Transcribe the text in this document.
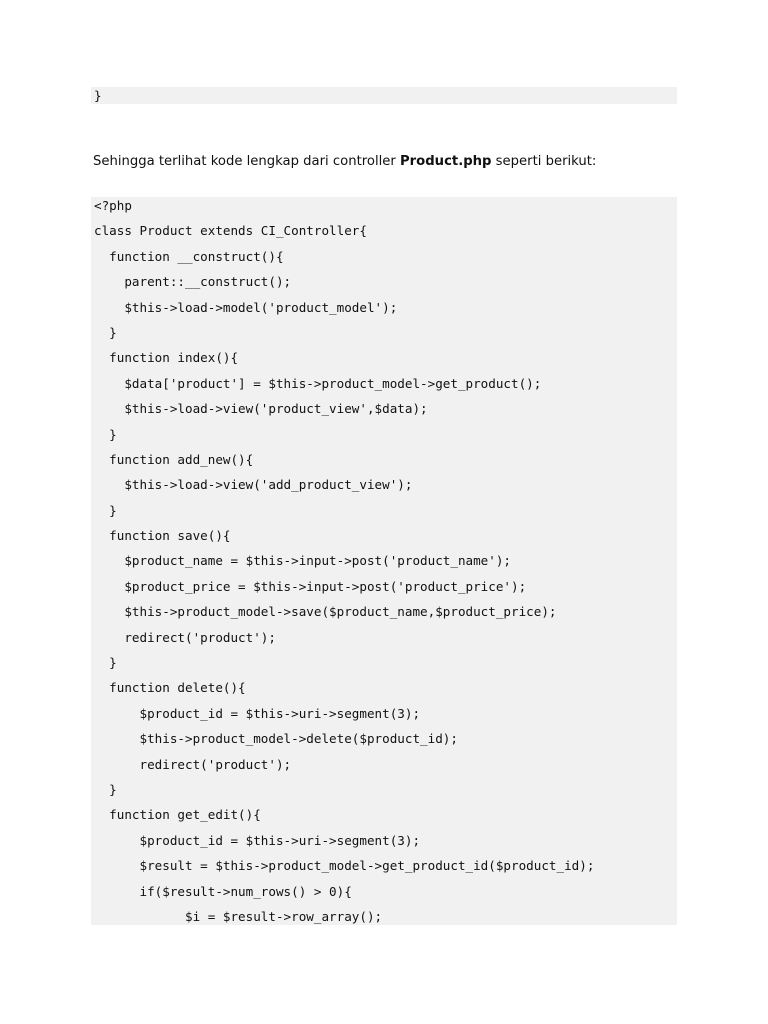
}

Sehingga terlihat kode lengkap dari controller Product.php seperti berikut:

<?php
class Product extends CI_Controller{
function __construct(){
parent::__construct();
$this->load->model('product_model');
}
function index(){
$data['product'] = $this->product_model->get_product();
$this->load->view('product_view',$data);
}
function add_new(){
$this->load->view('add_product_view');
}
function save(){
$product_name = $this->input->post('product_name');
$product_price = $this->input->post('product_price');
$this->product_model->save($product_name,$product_price);
redirect('product');
}
function delete(){
$product_id = $this->uri->segment(3);
$this->product_model->delete($product_id);
redirect('product');
}
function get_edit(){
$product_id = $this->uri->segment(3);
$result = $this->product_model->get_product_id($product_id);
if($result->num_rows() > 0){
$i = $result->row_array();
